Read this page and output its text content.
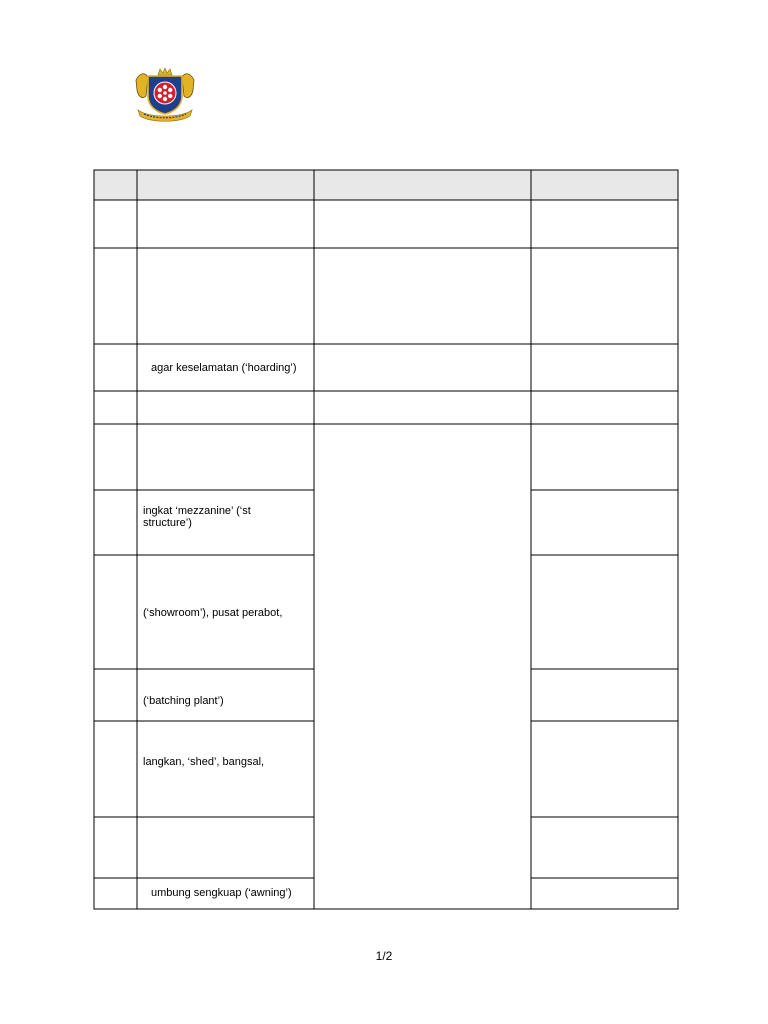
agar keselamatan (‘hoarding’)
ingkat ‘mezzanine’ (‘st
structure’)
(‘showroom’), pusat perabot,
(‘batching plant’)
langkan, ‘shed’, bangsal,
umbung sengkuap (‘awning’)
1/2
